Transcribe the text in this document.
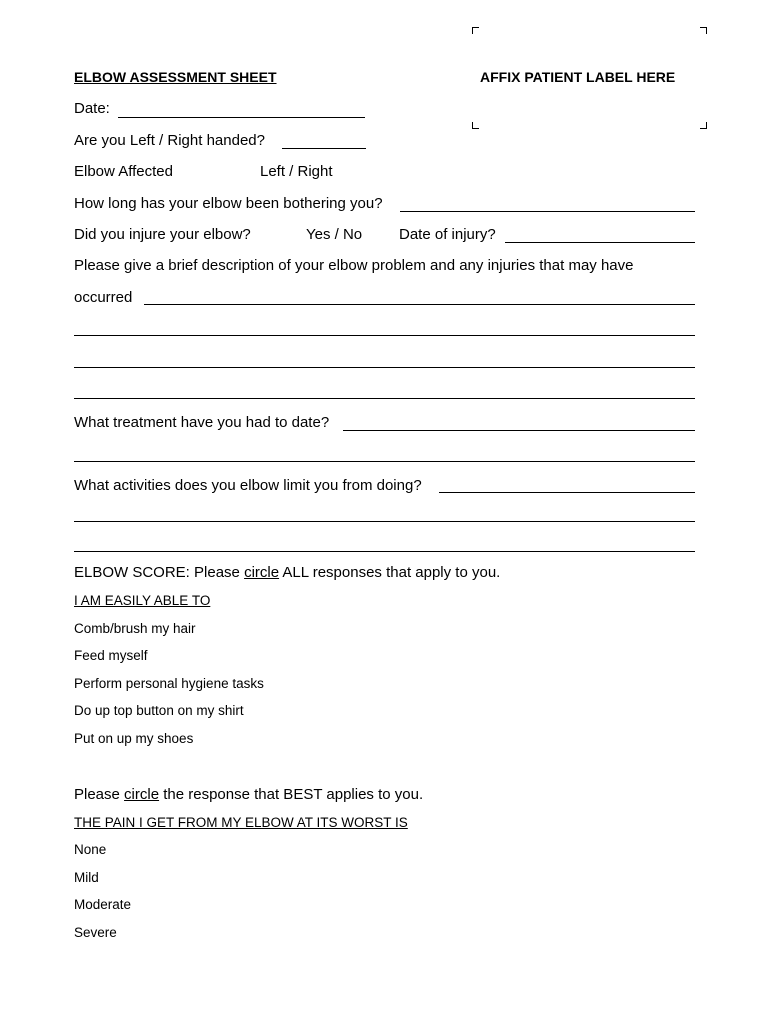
ELBOW ASSESSMENT SHEET	AFFIX PATIENT LABEL HERE
Date:
Are you Left / Right handed?
Elbow Affected	Left / Right
How long has your elbow been bothering you?
Did you injure your elbow?	Yes / No Date of injury?
Please give a brief description of your elbow problem and any injuries that may have
occurred
What treatment have you had to date?
What activities does you elbow limit you from doing?
ELBOW SCORE: Please circle ALL responses that apply to you.
I AM EASILY ABLE TO
Comb/brush my hair
Feed myself
Perform personal hygiene tasks
Do up top button on my shirt
Put on up my shoes
Please circle the response that BEST applies to you.
THE PAIN I GET FROM MY ELBOW AT ITS WORST IS
None
Mild
Moderate
Severe
